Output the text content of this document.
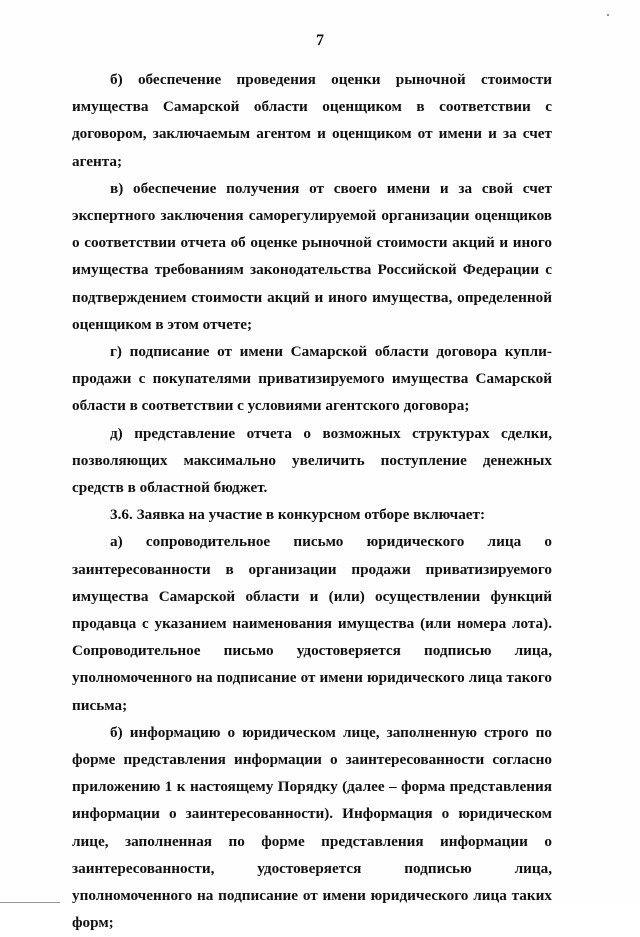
7

б) обеспечение проведения оценки рыночной стоимости имущества Самарской области оценщиком в соответствии с договором, заключаемым агентом и оценщиком от имени и за счет агента;

в) обеспечение получения от своего имени и за свой счет экспертного заключения саморегулируемой организации оценщиков о соответствии отчета об оценке рыночной стоимости акций и иного имущества требованиям законодательства Российской Федерации с подтверждением стоимости акций и иного имущества, определенной оценщиком в этом отчете;

г) подписание от имени Самарской области договора купли-продажи с покупателями приватизируемого имущества Самарской области в соответствии с условиями агентского договора;

д) представление отчета о возможных структурах сделки, позволяющих максимально увеличить поступление денежных средств в областной бюджет.

3.6. Заявка на участие в конкурсном отборе включает:

а) сопроводительное письмо юридического лица о заинтересованности в организации продажи приватизируемого имущества Самарской области и (или) осуществлении функций продавца с указанием наименования имущества (или номера лота). Сопроводительное письмо удостоверяется подписью лица, уполномоченного на подписание от имени юридического лица такого письма;

б) информацию о юридическом лице, заполненную строго по форме представления информации о заинтересованности согласно приложению 1 к настоящему Порядку (далее – форма представления информации о заинтересованности). Информация о юридическом лице, заполненная по форме представления информации о заинтересованности, удостоверяется подписью лица, уполномоченного на подписание от имени юридического лица таких форм;
